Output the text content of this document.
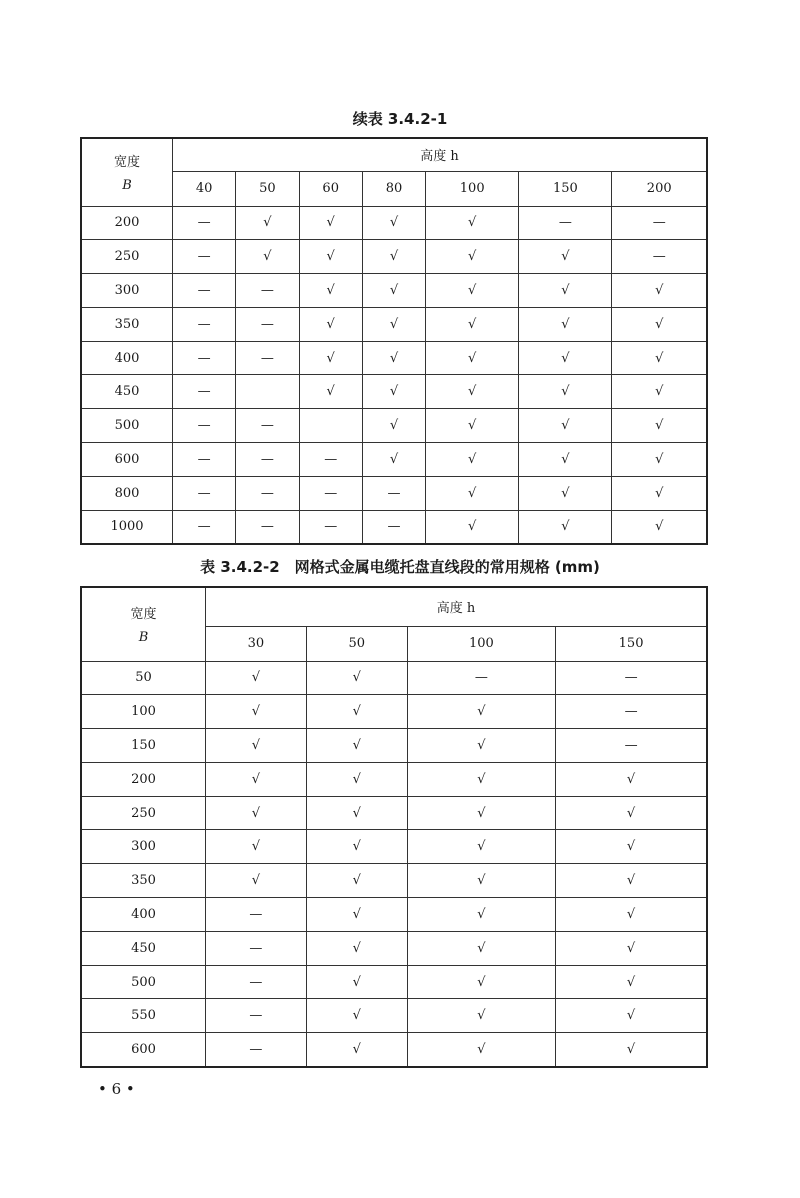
续表 3.4.2-1
宽度
B	高度 h						
	40	50	60	80	100	150	200
200	—	√	√	√	√	—	—
250	—	√	√	√	√	√	—
300	—	—	√	√	√	√	√
350	—	—	√	√	√	√	√
400	—	—	√	√	√	√	√
450	—		√	√	√	√	√
500	—	—		√	√	√	√
600	—	—	—	√	√	√	√
800	—	—	—	—	√	√	√
1000	—	—	—	—	√	√	√
表 3.4.2-2　网格式金属电缆托盘直线段的常用规格 (mm)
宽度
B	高度 h			
	30	50	100	150
50	√	√	—	—
100	√	√	√	—
150	√	√	√	—
200	√	√	√	√
250	√	√	√	√
300	√	√	√	√
350	√	√	√	√
400	—	√	√	√
450	—	√	√	√
500	—	√	√	√
550	—	√	√	√
600	—	√	√	√
• 6 •
